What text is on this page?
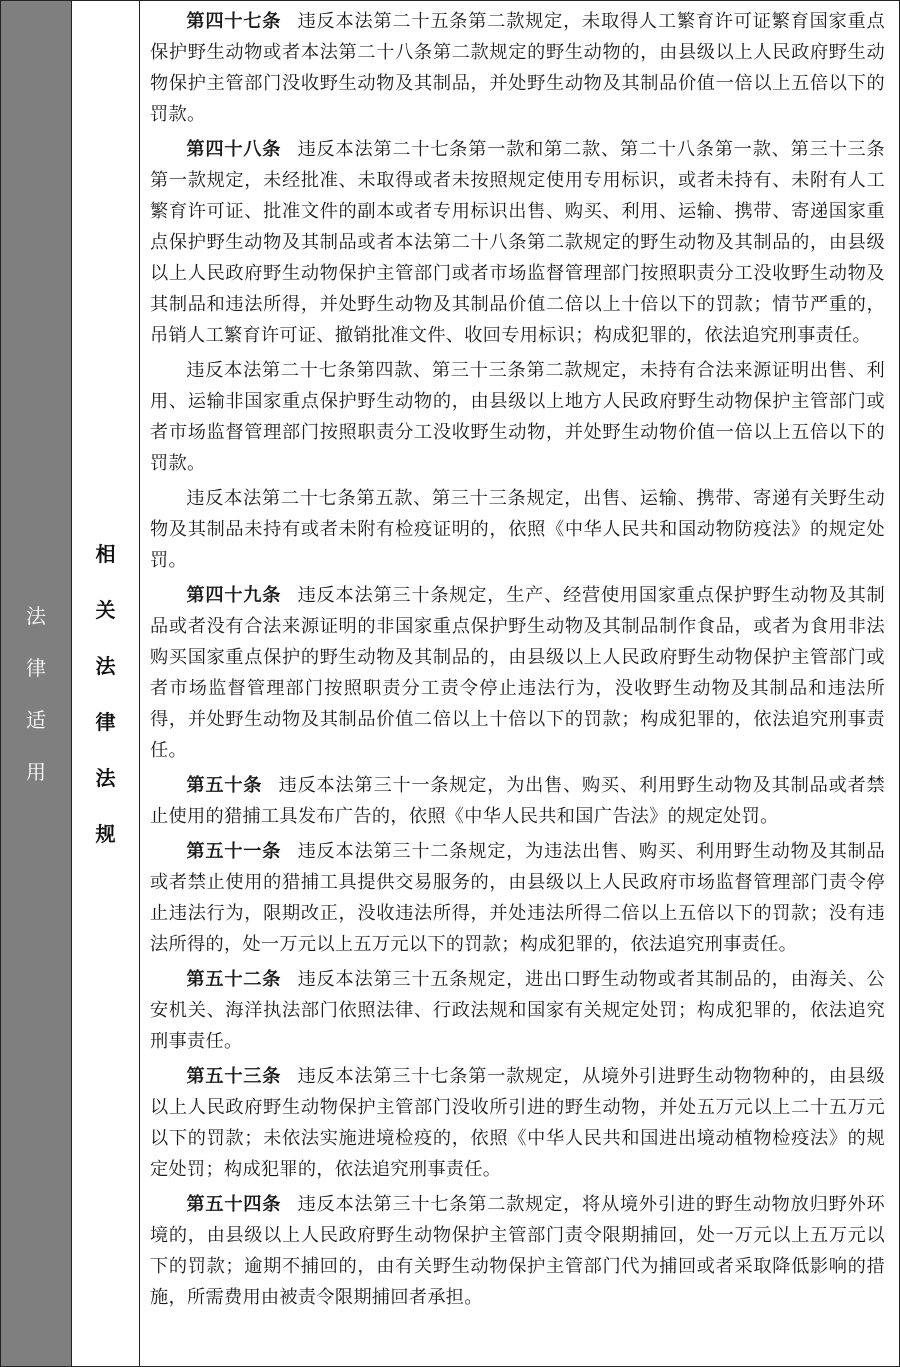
法律适用
相关法律法规

第四十七条 违反本法第二十五条第二款规定，未取得人工繁育许可证繁育国家重点保护野生动物或者本法第二十八条第二款规定的野生动物的，由县级以上人民政府野生动物保护主管部门没收野生动物及其制品，并处野生动物及其制品价值一倍以上五倍以下的罚款。

第四十八条 违反本法第二十七条第一款和第二款、第二十八条第一款、第三十三条第一款规定，未经批准、未取得或者未按照规定使用专用标识，或者未持有、未附有人工繁育许可证、批准文件的副本或者专用标识出售、购买、利用、运输、携带、寄递国家重点保护野生动物及其制品或者本法第二十八条第二款规定的野生动物及其制品的，由县级以上人民政府野生动物保护主管部门或者市场监督管理部门按照职责分工没收野生动物及其制品和违法所得，并处野生动物及其制品价值二倍以上十倍以下的罚款；情节严重的，吊销人工繁育许可证、撤销批准文件、收回专用标识；构成犯罪的，依法追究刑事责任。

违反本法第二十七条第四款、第三十三条第二款规定，未持有合法来源证明出售、利用、运输非国家重点保护野生动物的，由县级以上地方人民政府野生动物保护主管部门或者市场监督管理部门按照职责分工没收野生动物，并处野生动物价值一倍以上五倍以下的罚款。

违反本法第二十七条第五款、第三十三条规定，出售、运输、携带、寄递有关野生动物及其制品未持有或者未附有检疫证明的，依照《中华人民共和国动物防疫法》的规定处罚。

第四十九条 违反本法第三十条规定，生产、经营使用国家重点保护野生动物及其制品或者没有合法来源证明的非国家重点保护野生动物及其制品制作食品，或者为食用非法购买国家重点保护的野生动物及其制品的，由县级以上人民政府野生动物保护主管部门或者市场监督管理部门按照职责分工责令停止违法行为，没收野生动物及其制品和违法所得，并处野生动物及其制品价值二倍以上十倍以下的罚款；构成犯罪的，依法追究刑事责任。

第五十条 违反本法第三十一条规定，为出售、购买、利用野生动物及其制品或者禁止使用的猎捕工具发布广告的，依照《中华人民共和国广告法》的规定处罚。

第五十一条 违反本法第三十二条规定，为违法出售、购买、利用野生动物及其制品或者禁止使用的猎捕工具提供交易服务的，由县级以上人民政府市场监督管理部门责令停止违法行为，限期改正，没收违法所得，并处违法所得二倍以上五倍以下的罚款；没有违法所得的，处一万元以上五万元以下的罚款；构成犯罪的，依法追究刑事责任。

第五十二条 违反本法第三十五条规定，进出口野生动物或者其制品的，由海关、公安机关、海洋执法部门依照法律、行政法规和国家有关规定处罚；构成犯罪的，依法追究刑事责任。

第五十三条 违反本法第三十七条第一款规定，从境外引进野生动物物种的，由县级以上人民政府野生动物保护主管部门没收所引进的野生动物，并处五万元以上二十五万元以下的罚款；未依法实施进境检疫的，依照《中华人民共和国进出境动植物检疫法》的规定处罚；构成犯罪的，依法追究刑事责任。

第五十四条 违反本法第三十七条第二款规定，将从境外引进的野生动物放归野外环境的，由县级以上人民政府野生动物保护主管部门责令限期捕回，处一万元以上五万元以下的罚款；逾期不捕回的，由有关野生动物保护主管部门代为捕回或者采取降低影响的措施，所需费用由被责令限期捕回者承担。
